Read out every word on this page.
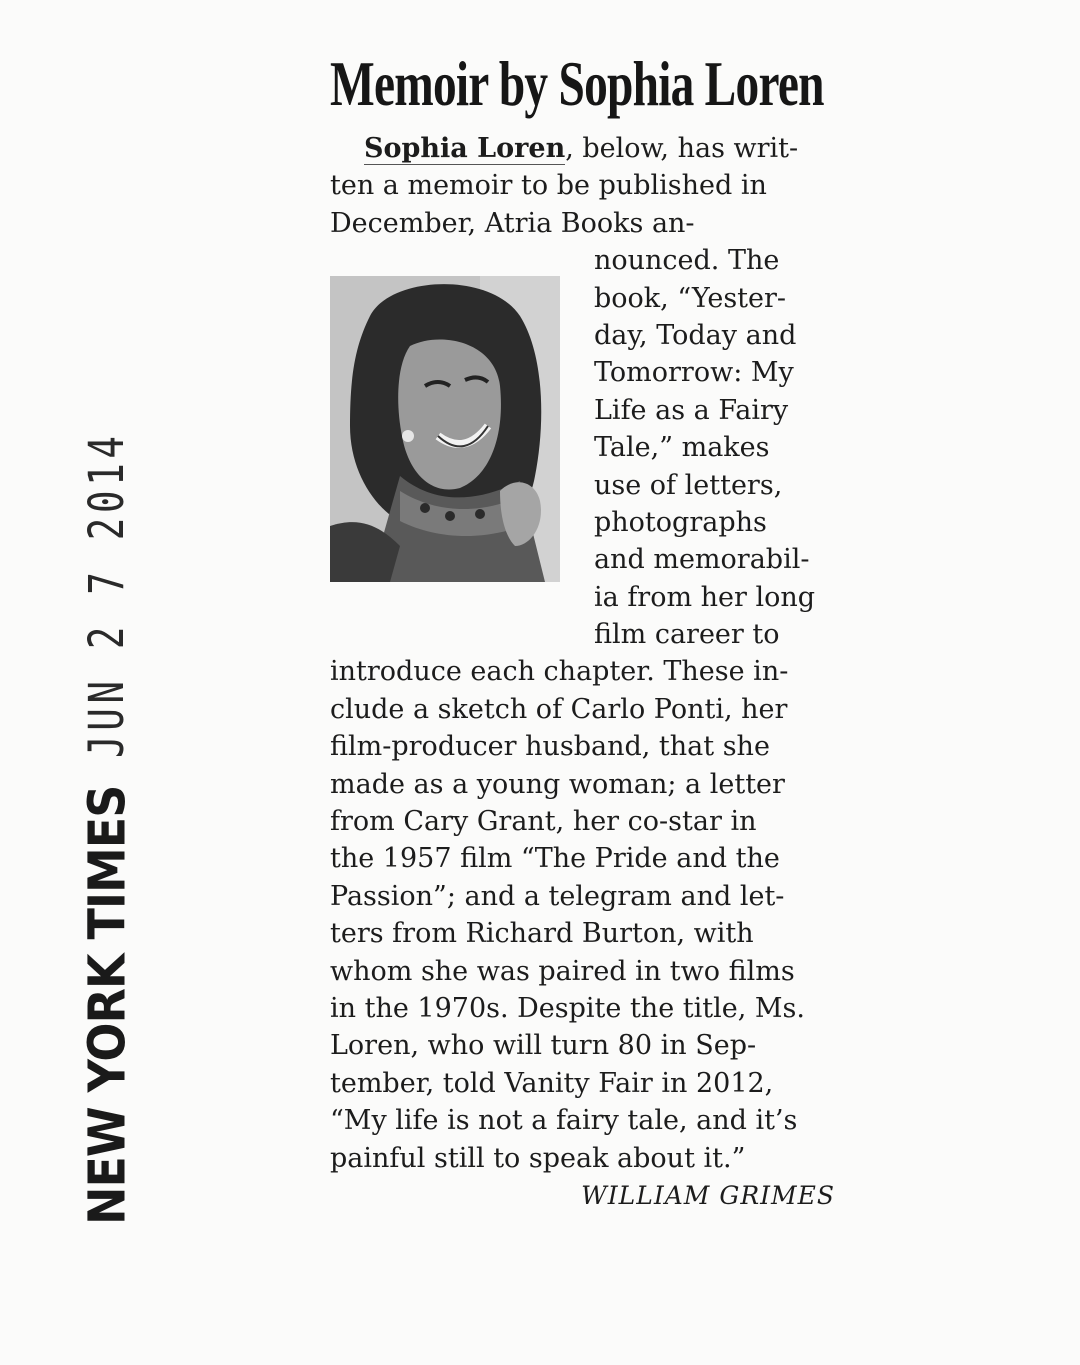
NEW YORK TIMES
JUN 2 7 2014
Memoir by Sophia Loren
Sophia Loren, below, has writ-
ten a memoir to be published in
December, Atria Books an-
nounced. The
book, “Yester-
day, Today and
Tomorrow: My
Life as a Fairy
Tale,” makes
use of letters,
photographs
and memorabil-
ia from her long
film career to
introduce each chapter. These in-
clude a sketch of Carlo Ponti, her
film-producer husband, that she
made as a young woman; a letter
from Cary Grant, her co-star in
the 1957 film “The Pride and the
Passion”; and a telegram and let-
ters from Richard Burton, with
whom she was paired in two films
in the 1970s. Despite the title, Ms.
Loren, who will turn 80 in Sep-
tember, told Vanity Fair in 2012,
“My life is not a fairy tale, and it’s
painful still to speak about it.”
WILLIAM GRIMES
